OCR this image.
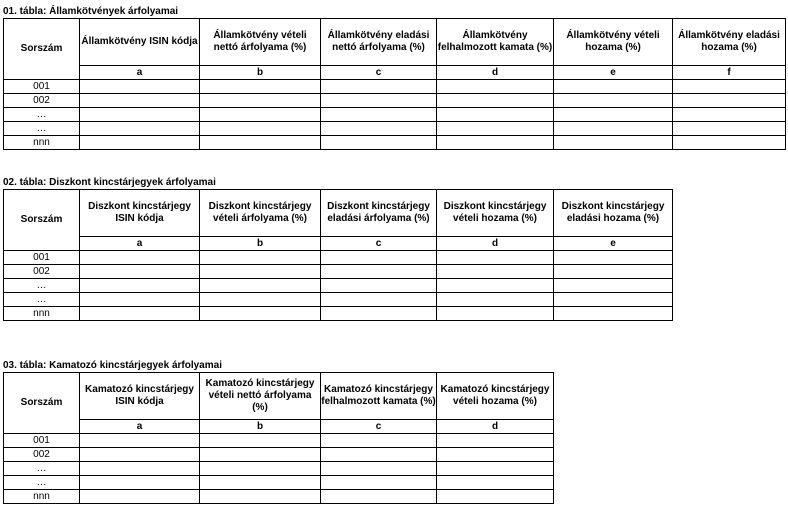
01. tábla: Államkötvények árfolyamai
Sorszám	Államkötvény ISIN kódja	Államkötvény vételi nettó árfolyama (%)	Államkötvény eladási nettó árfolyama (%)	Államkötvény felhalmozott kamata (%)	Államkötvény vételi hozama (%)	Államkötvény eladási hozama (%)
	a	b	c	d	e	f
001						
002						
…						
…						
nnn						
02. tábla: Diszkont kincstárjegyek árfolyamai
Sorszám	Diszkont kincstárjegy ISIN kódja	Diszkont kincstárjegy vételi árfolyama (%)	Diszkont kincstárjegy eladási árfolyama (%)	Diszkont kincstárjegy vételi hozama (%)	Diszkont kincstárjegy eladási hozama (%)
	a	b	c	d	e
001					
002					
…					
…					
nnn					
03. tábla: Kamatozó kincstárjegyek árfolyamai
Sorszám	Kamatozó kincstárjegy ISIN kódja	Kamatozó kincstárjegy vételi nettó árfolyama (%)	Kamatozó kincstárjegy felhalmozott kamata (%)	Kamatozó kincstárjegy vételi hozama (%)
	a	b	c	d
001				
002				
…				
…				
nnn				
